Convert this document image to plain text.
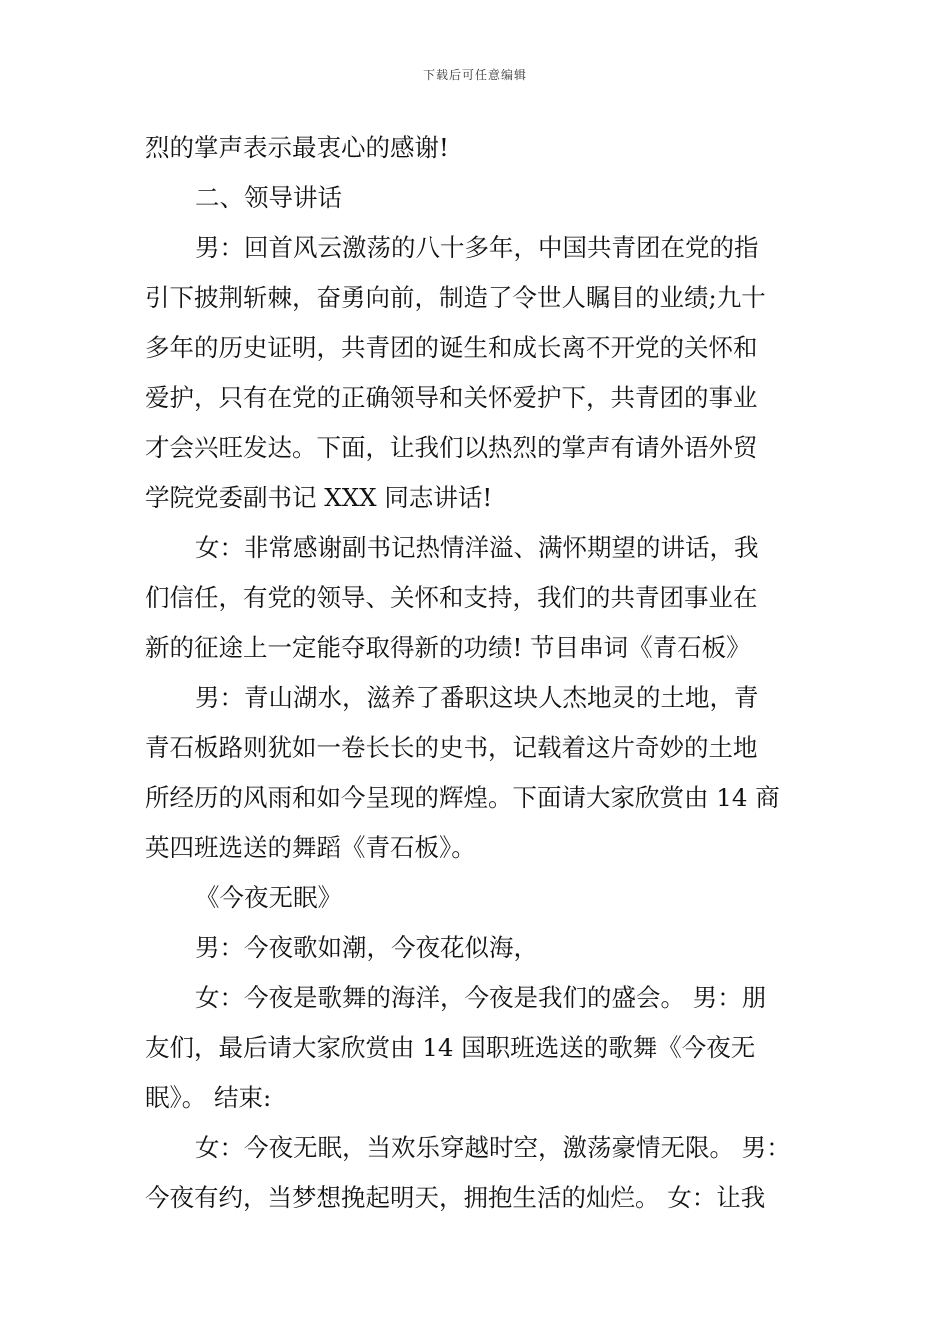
下载后可任意编辑
烈的掌声表示最衷心的感谢!
二、领导讲话
男：回首风云激荡的八十多年，中国共青团在党的指
引下披荆斩棘，奋勇向前，制造了令世人瞩目的业绩;九十
多年的历史证明，共青团的诞生和成长离不开党的关怀和
爱护，只有在党的正确领导和关怀爱护下，共青团的事业
才会兴旺发达。下面，让我们以热烈的掌声有请外语外贸
学院党委副书记 XXX 同志讲话!
女：非常感谢副书记热情洋溢、满怀期望的讲话，我
们信任，有党的领导、关怀和支持，我们的共青团事业在
新的征途上一定能夺取得新的功绩! 节目串词《青石板》
男：青山湖水，滋养了番职这块人杰地灵的土地，青
青石板路则犹如一卷长长的史书，记载着这片奇妙的土地
所经历的风雨和如今呈现的辉煌。下面请大家欣赏由 14 商
英四班选送的舞蹈《青石板》。
《今夜无眠》
男：今夜歌如潮，今夜花似海，
女：今夜是歌舞的海洋，今夜是我们的盛会。 男：朋
友们，最后请大家欣赏由 14 国职班选送的歌舞《今夜无
眠》。 结束:
女：今夜无眠，当欢乐穿越时空，激荡豪情无限。 男：
今夜有约，当梦想挽起明天，拥抱生活的灿烂。 女：让我
